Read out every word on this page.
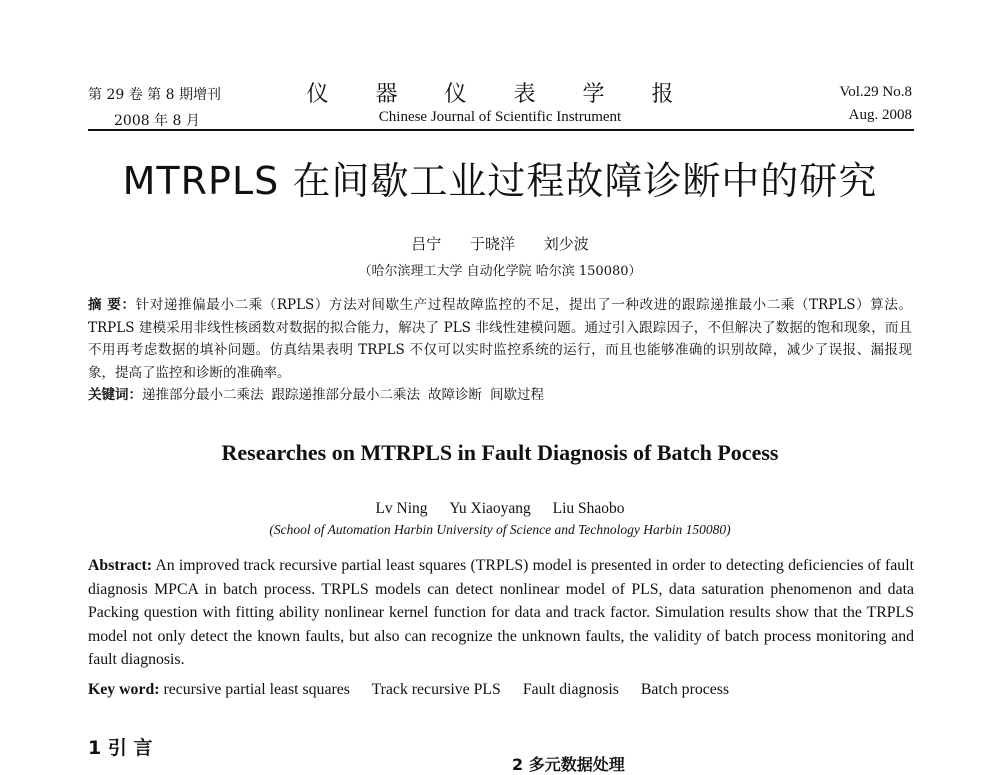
第 29 卷 第 8 期增刊
2008 年 8 月
仪 器 仪 表 学 报
Chinese Journal of Scientific Instrument
Vol.29 No.8
Aug. 2008
MTRPLS 在间歇工业过程故障诊断中的研究
吕宁 于晓洋 刘少波
（哈尔滨理工大学 自动化学院 哈尔滨 150080）
摘 要：针对递推偏最小二乘（RPLS）方法对间歇生产过程故障监控的不足，提出了一种改进的跟踪递推最小二乘（TRPLS）算法。TRPLS 建模采用非线性核函数对数据的拟合能力，解决了 PLS 非线性建模问题。通过引入跟踪因子，不但解决了数据的饱和现象，而且不用再考虑数据的填补问题。仿真结果表明 TRPLS 不仅可以实时监控系统的运行，而且也能够准确的识别故障，减少了误报、漏报现象，提高了监控和诊断的准确率。
关键词：递推部分最小二乘法 跟踪递推部分最小二乘法 故障诊断 间歇过程
Researches on MTRPLS in Fault Diagnosis of Batch Pocess
Lv Ning Yu Xiaoyang Liu Shaobo
(School of Automation Harbin University of Science and Technology Harbin 150080)
Abstract: An improved track recursive partial least squares (TRPLS) model is presented in order to detecting deficiencies of fault diagnosis MPCA in batch process. TRPLS models can detect nonlinear model of PLS, data saturation phenomenon and data Packing question with fitting ability nonlinear kernel function for data and track factor. Simulation results show that the TRPLS model not only detect the known faults, but also can recognize the unknown faults, the validity of batch process monitoring and fault diagnosis.
Key word: recursive partial least squares Track recursive PLS Fault diagnosis Batch process
1 引 言
2 多元数据处理
